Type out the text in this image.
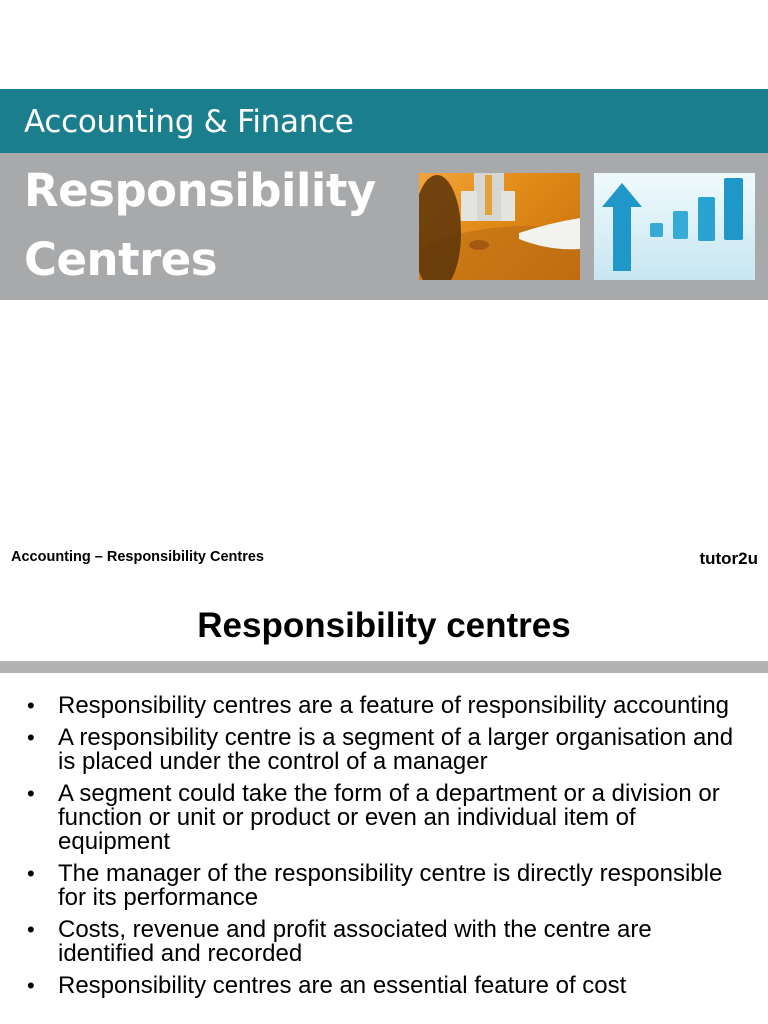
Accounting & Finance
Responsibility
Centres
Accounting – Responsibility Centres	tutor2u
Responsibility centres
• Responsibility centres are a feature of responsibility accounting
• A responsibility centre is a segment of a larger organisation and is placed under the control of a manager
• A segment could take the form of a department or a division or function or unit or product or even an individual item of equipment
• The manager of the responsibility centre is directly responsible for its performance
• Costs, revenue and profit associated with the centre are identified and recorded
• Responsibility centres are an essential feature of cost
